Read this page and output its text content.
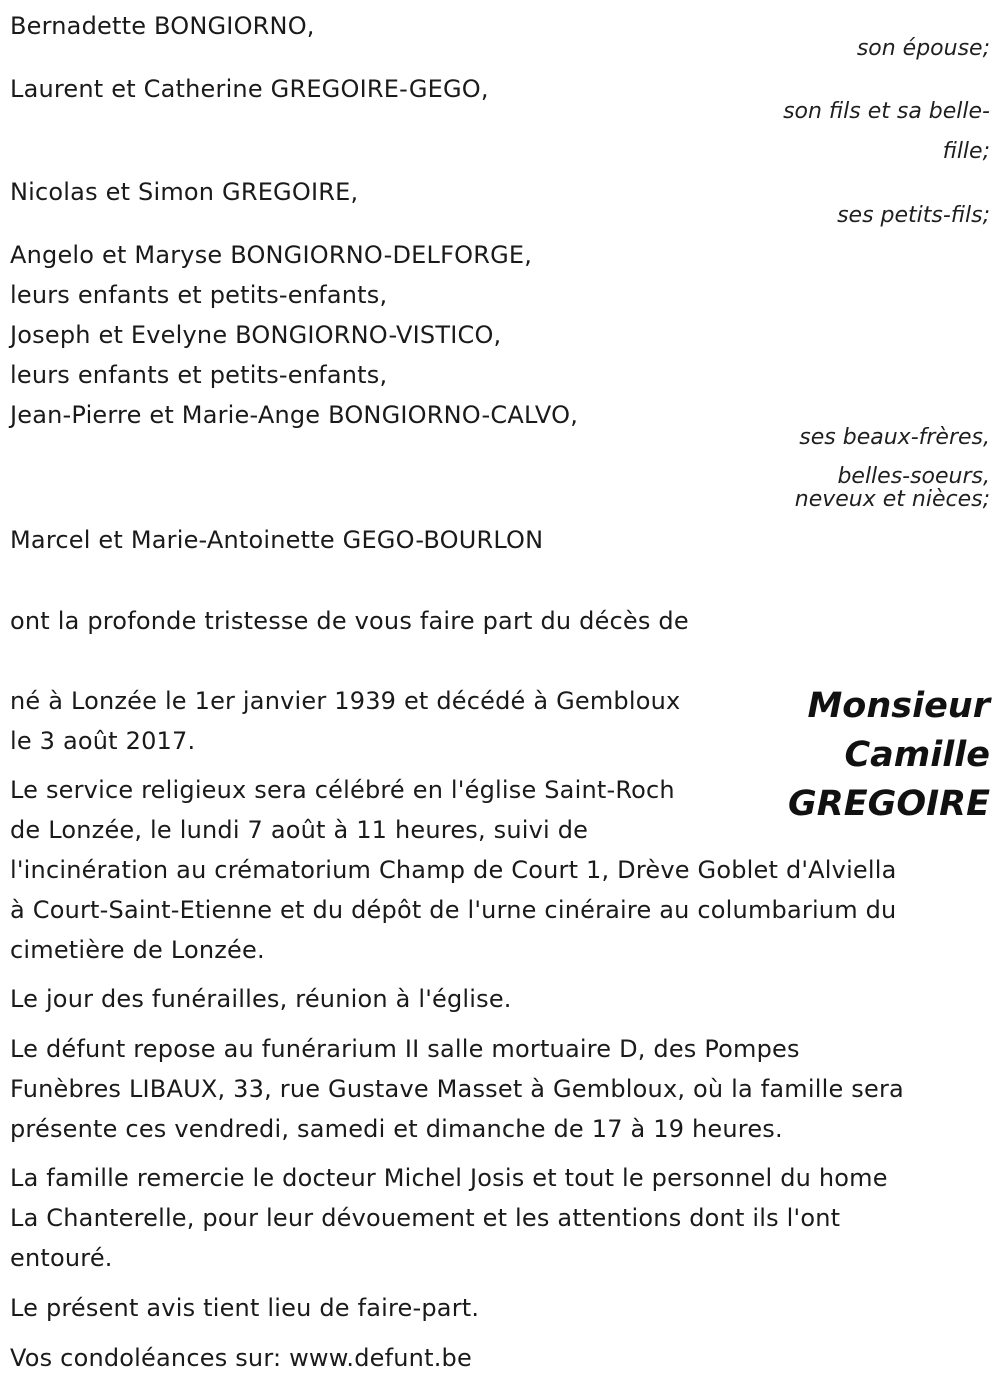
Bernadette BONGIORNO,
son épouse;
Laurent et Catherine GREGOIRE-GEGO,
son fils et sa belle-
fille;
Nicolas et Simon GREGOIRE,
ses petits-fils;
Angelo et Maryse BONGIORNO-DELFORGE,
leurs enfants et petits-enfants,
Joseph et Evelyne BONGIORNO-VISTICO,
leurs enfants et petits-enfants,
Jean-Pierre et Marie-Ange BONGIORNO-CALVO,
ses beaux-frères,
belles-soeurs,
neveux et nièces;
Marcel et Marie-Antoinette GEGO-BOURLON
ont la profonde tristesse de vous faire part du décès de
Monsieur
Camille
GREGOIRE
né à Lonzée le 1er janvier 1939 et décédé à Gembloux
le 3 août 2017.
Le service religieux sera célébré en l'église Saint-Roch
de Lonzée, le lundi 7 août à 11 heures, suivi de
l'incinération au crématorium Champ de Court 1, Drève Goblet d'Alviella
à Court-Saint-Etienne et du dépôt de l'urne cinéraire au columbarium du
cimetière de Lonzée.
Le jour des funérailles, réunion à l'église.
Le défunt repose au funérarium II salle mortuaire D, des Pompes
Funèbres LIBAUX, 33, rue Gustave Masset à Gembloux, où la famille sera
présente ces vendredi, samedi et dimanche de 17 à 19 heures.
La famille remercie le docteur Michel Josis et tout le personnel du home
La Chanterelle, pour leur dévouement et les attentions dont ils l'ont
entouré.
Le présent avis tient lieu de faire-part.
Vos condoléances sur: www.defunt.be
